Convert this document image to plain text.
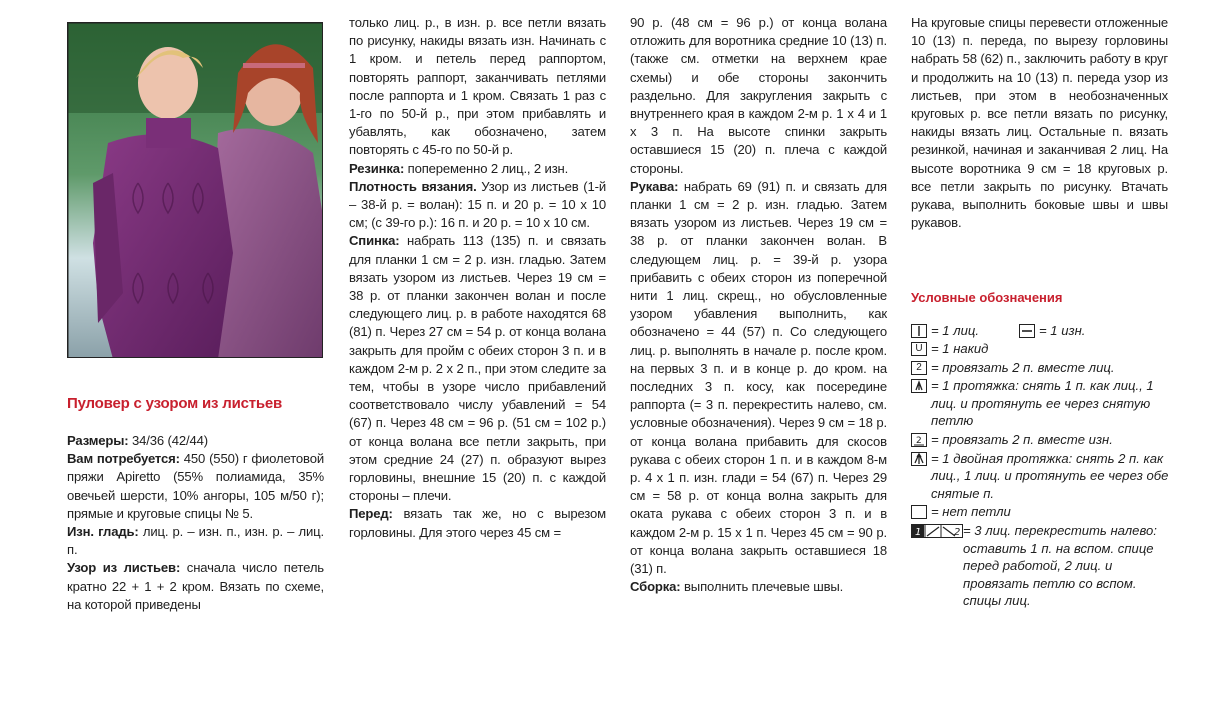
Пуловер с узором из листьев

Размеры: 34/36 (42/44)

Вам потребуется: 450 (550) г фиолетовой пряжи Apiretto (55% полиамида, 35% овечьей шерсти, 10% ангоры, 105 м/50 г); прямые и круговые спицы № 5.

Изн. гладь: лиц. р. – изн. п., изн. р. – лиц. п.

Узор из листьев: сначала число петель кратно 22 + 1 + 2 кром. Вязать по схеме, на которой приведены

только лиц. р., в изн. р. все петли вязать по рисунку, накиды вязать изн. Начинать с 1 кром. и петель перед раппортом, повторять раппорт, заканчивать петлями после раппорта и 1 кром. Связать 1 раз с 1-го по 50-й р., при этом прибавлять и убавлять, как обозначено, затем повторять с 45-го по 50-й р.

Резинка: попеременно 2 лиц., 2 изн.

Плотность вязания. Узор из листьев (1-й – 38-й р. = волан): 15 п. и 20 р. = 10 х 10 см; (с 39-го р.): 16 п. и 20 р. = 10 х 10 см.

Спинка: набрать 113 (135) п. и связать для планки 1 см = 2 р. изн. гладью. Затем вязать узором из листьев. Через 19 см = 38 р. от планки закончен волан и после следующего лиц. р. в работе находятся 68 (81) п. Через 27 см = 54 р. от конца волана закрыть для пройм с обеих сторон 3 п. и в каждом 2-м р. 2 х 2 п., при этом следите за тем, чтобы в узоре число прибавлений соответствовало числу убавлений = 54 (67) п. Через 48 см = 96 р. (51 см = 102 р.) от конца волана все петли закрыть, при этом средние 24 (27) п. образуют вырез горловины, внешние 15 (20) п. с каждой стороны – плечи.

Перед: вязать так же, но с вырезом горловины. Для этого через 45 см =

90 р. (48 см = 96 р.) от конца волана отложить для воротника средние 10 (13) п. (также см. отметки на верхнем крае схемы) и обе стороны закончить раздельно. Для закругления закрыть с внутреннего края в каждом 2-м р. 1 х 4 и 1 х 3 п. На высоте спинки закрыть оставшиеся 15 (20) п. плеча с каждой стороны.

Рукава: набрать 69 (91) п. и связать для планки 1 см = 2 р. изн. гладью. Затем вязать узором из листьев. Через 19 см = 38 р. от планки закончен волан. В следующем лиц. р. = 39-й р. узора прибавить с обеих сторон из поперечной нити 1 лиц. скрещ., но обусловленные узором убавления выполнить, как обозначено = 44 (57) п. Со следующего лиц. р. выполнять в начале р. после кром. на первых 3 п. и в конце р. до кром. на последних 3 п. косу, как посередине раппорта (= 3 п. перекрестить налево, см. условные обозначения). Через 9 см = 18 р. от конца волана прибавить для скосов рукава с обеих сторон 1 п. и в каждом 8-м р. 4 х 1 п. изн. глади = 54 (67) п. Через 29 см = 58 р. от конца волна закрыть для оката рукава с обеих сторон 3 п. и в каждом 2-м р. 15 х 1 п. Через 45 см = 90 р. от конца волана закрыть оставшиеся 18 (31) п.

Сборка: выполнить плечевые швы.

На круговые спицы перевести отложенные 10 (13) п. переда, по вырезу горловины набрать 58 (62) п., заключить работу в круг и продолжить на 10 (13) п. переда узор из листьев, при этом в необозначенных круговых р. все петли вязать по рисунку, накиды вязать лиц. Остальные п. вязать резинкой, начиная и заканчивая 2 лиц. На высоте воротника 9 см = 18 круговых р. все петли закрыть по рисунку. Втачать рукава, выполнить боковые швы и швы рукавов.

Условные обозначения
= 1 лиц.	= 1 изн.
U = 1 накид
2 = провязать 2 п. вместе лиц.
= 1 протяжка: снять 1 п. как лиц., 1 лиц. и протянуть ее через снятую петлю
2 = провязать 2 п. вместе изн.
= 1 двойная протяжка: снять 2 п. как лиц., 1 лиц. и протянуть ее через обе снятые п.
= нет петли
1	2 = 3 лиц. перекрестить налево: оставить 1 п. на вспом. спице перед работой, 2 лиц. и провязать петлю со вспом. спицы лиц.
